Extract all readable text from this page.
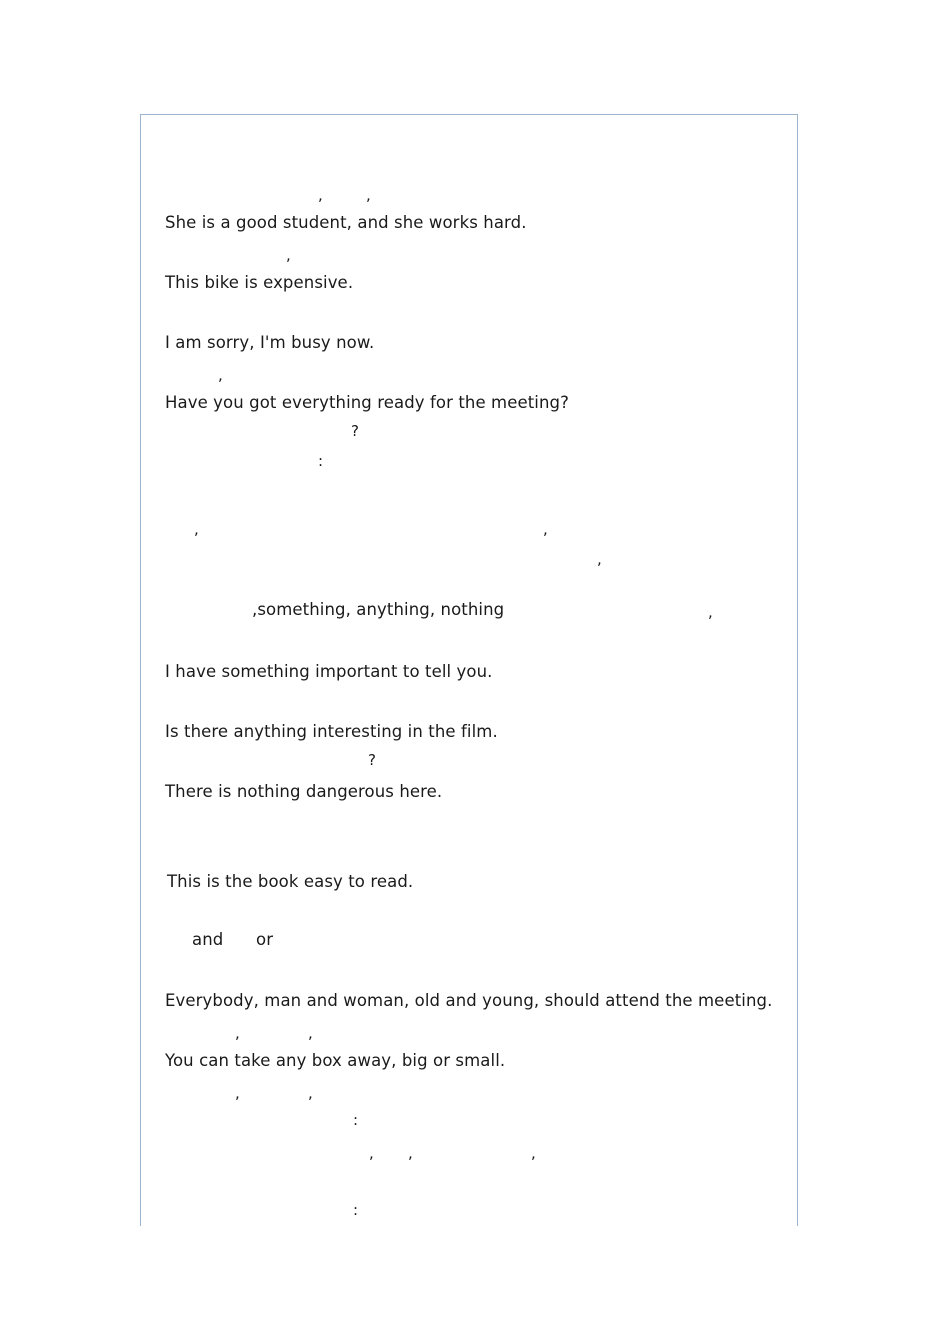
,	,
She is a good student, and she works hard.
,
This bike is expensive.
I am sorry, I'm busy now.
,
Have you got everything ready for the meeting?
?
:
,	,
,
,something, anything, nothing	,
I have something important to tell you.
Is there anything interesting in the film.
?
There is nothing dangerous here.
This is the book easy to read.
and or
Everybody, man and woman, old and young, should attend the meeting.
,	,
You can take any box away, big or small.
,	,
:
, ,	,
:
